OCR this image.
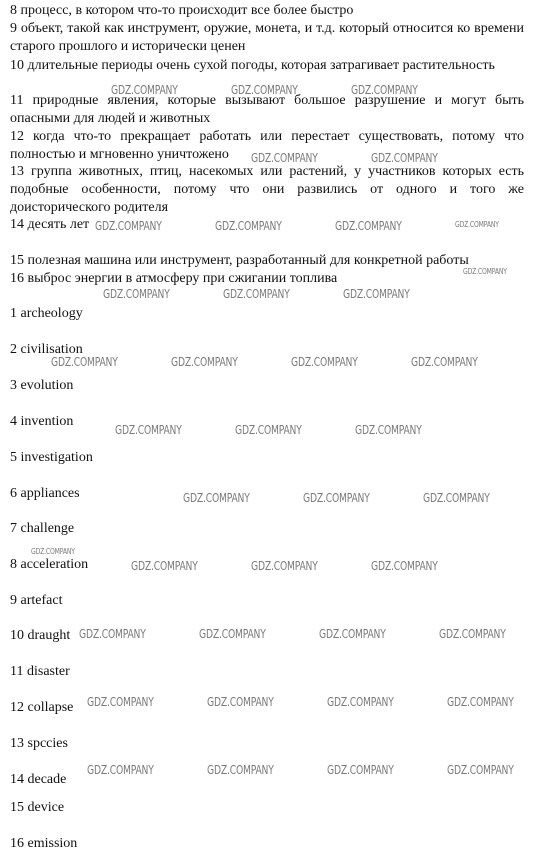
8 процесс, в котором что-то происходит все более быстро

9 объект, такой как инструмент, оружие, монета, и т.д. который относится ко времени старого прошлого и исторически ценен

10 длительные периоды очень сухой погоды, которая затрагивает растительность

11 природные явления, которые вызывают большое разрушение и могут быть опасными для людей и животных

12 когда что-то прекращает работать или перестает существовать, потому что полностью и мгновенно уничтожено

13 группа животных, птиц, насекомых или растений, у участников которых есть подобные особенности, потому что они развились от одного и того же доисторического родителя

14 десять лет

15 полезная машина или инструмент, разработанный для конкретной работы

16 выброс энергии в атмосферу при сжигании топлива

1 archeology
2 civilisation
3 evolution
4 invention
5 investigation
6 appliances
7 challenge
8 acceleration
9 artefact
10 draught
11 disaster
12 collapse
13 spccies
14 decade
15 device
16 emission
GDZ.COMPANY	GDZ.COMPANY	GDZ.COMPANY
GDZ.COMPANY	GDZ.COMPANY
GDZ.COMPANY	GDZ.COMPANY	GDZ.COMPANY	GDZ.COMPANY
GDZ.COMPANY
GDZ.COMPANY	GDZ.COMPANY	GDZ.COMPANY
GDZ.COMPANY	GDZ.COMPANY	GDZ.COMPANY	GDZ.COMPANY
GDZ.COMPANY	GDZ.COMPANY	GDZ.COMPANY
GDZ.COMPANY	GDZ.COMPANY	GDZ.COMPANY
GDZ.COMPANY
GDZ.COMPANY	GDZ.COMPANY	GDZ.COMPANY
GDZ.COMPANY	GDZ.COMPANY	GDZ.COMPANY	GDZ.COMPANY
GDZ.COMPANY	GDZ.COMPANY	GDZ.COMPANY	GDZ.COMPANY
GDZ.COMPANY	GDZ.COMPANY	GDZ.COMPANY	GDZ.COMPANY
